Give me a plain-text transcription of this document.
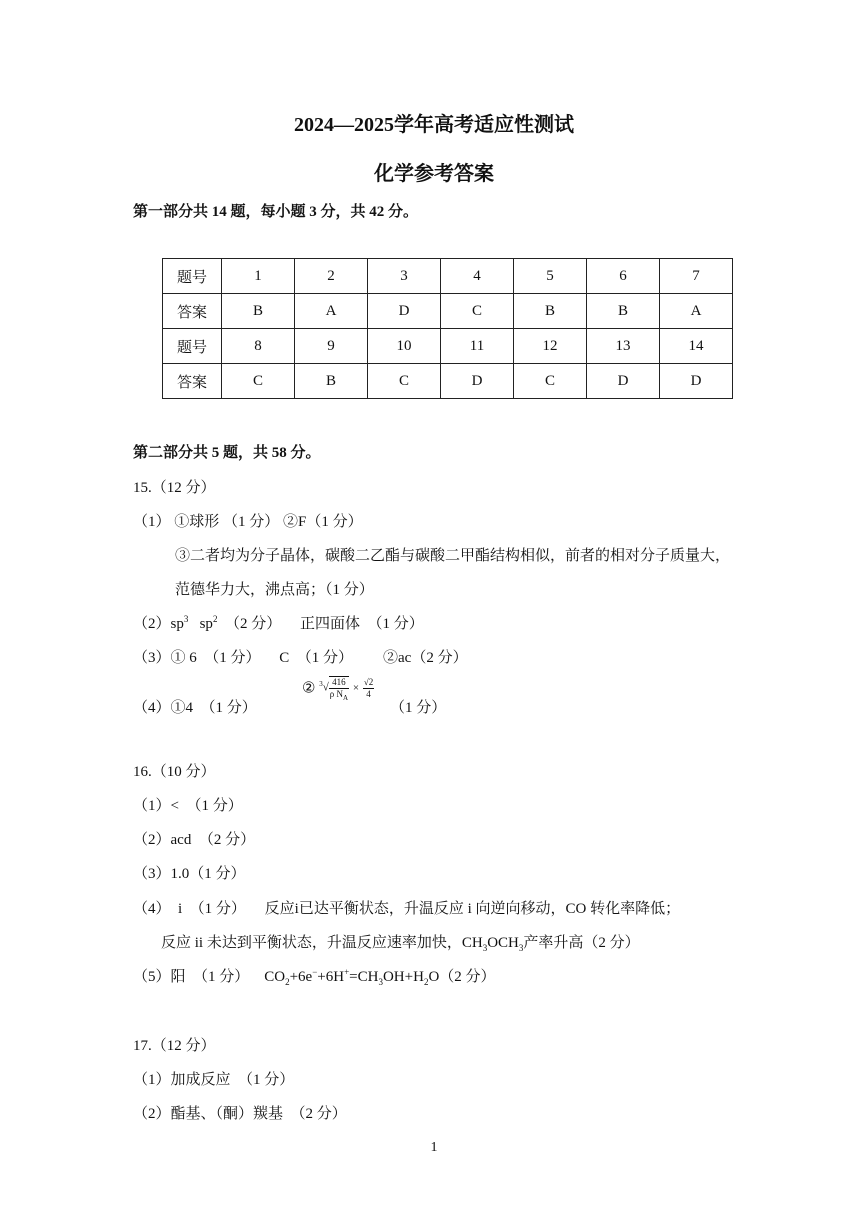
2024—2025学年高考适应性测试
化学参考答案
第一部分共 14 题，每小题 3 分，共 42 分。
题号	1	2	3	4	5	6	7
答案	B	A	D	C	B	B	A
题号	8	9	10	11	12	13	14
答案	C	B	C	D	C	D	D
第二部分共 5 题，共 58 分。
15.（12 分）
（1） ①球形 （1 分） ②F（1 分）
③二者均为分子晶体，碳酸二乙酯与碳酸二甲酯结构相似，前者的相对分子质量大，
范德华力大，沸点高；（1 分）
$(2)sp^3$   $sp^2$  （2 分）     正四面体  （1 分）
（3）① 6  （1 分）     C  （1 分）        ②ac（2 分）
（4）①4  （1 分）
② $^3√ \frac{416}{\rho N_A} \times \frac{√2}{4}$
（1 分）
16.（10 分）
（1）<  （1 分）
（2）acd  （2 分）
（3）1.0（1 分）
（4）  i  （1 分）     反应i已达平衡状态，升温反应 i 向逆向移动，CO 转化率降低；
反应 ii 未达到平衡状态，升温反应速率加快，$CH_3OCH_3$产率升高（2 分）
（5）阳  （1 分）    $CO_2+6e^-+6H^+=CH_3OH+H_2O(2$ 分）
17.（12 分）
（1）加成反应  （1 分）
（2）酯基、（酮）羰基  （2 分）
1
